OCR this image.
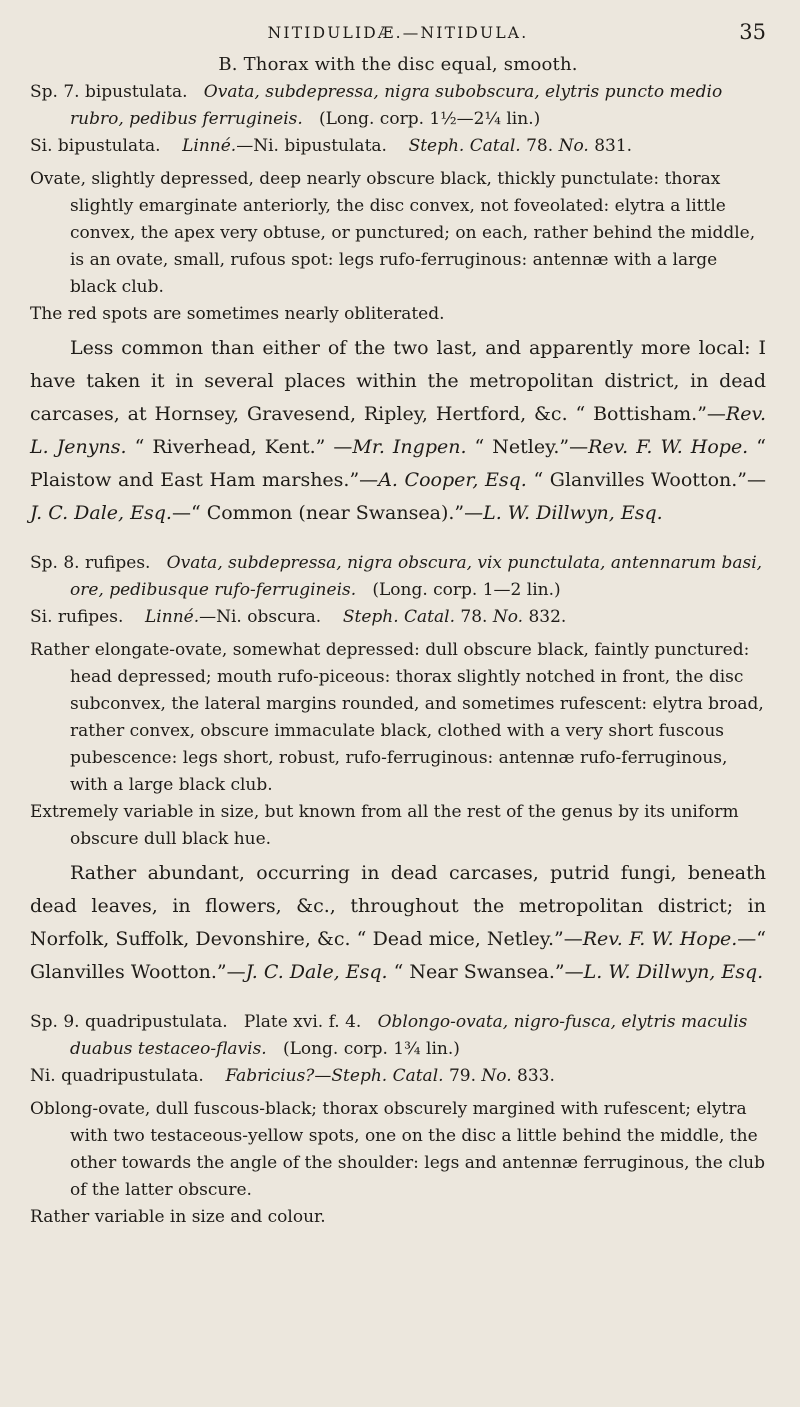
NITIDULIDÆ.—NITIDULA.	35
B. Thorax with the disc equal, smooth.

Sp. 7. bipustulata. Ovata, subdepressa, nigra subobscura, elytris puncto medio rubro, pedibus ferrugineis. (Long. corp. 1½—2¼ lin.)

Si. bipustulata. Linné.—Ni. bipustulata. Steph. Catal. 78. No. 831.

Ovate, slightly depressed, deep nearly obscure black, thickly punctulate: thorax slightly emarginate anteriorly, the disc convex, not foveolated: elytra a little convex, the apex very obtuse, or punctured; on each, rather behind the middle, is an ovate, small, rufous spot: legs rufo-ferruginous: antennæ with a large black club.

The red spots are sometimes nearly obliterated.

Less common than either of the two last, and apparently more local: I have taken it in several places within the metropolitan district, in dead carcases, at Hornsey, Gravesend, Ripley, Hertford, &c. “ Bottisham.”—Rev. L. Jenyns. “ Riverhead, Kent.” —Mr. Ingpen. “ Netley.”—Rev. F. W. Hope. “ Plaistow and East Ham marshes.”—A. Cooper, Esq. “ Glanvilles Wootton.”— J. C. Dale, Esq.—“ Common (near Swansea).”—L. W. Dillwyn, Esq.

Sp. 8. rufipes. Ovata, subdepressa, nigra obscura, vix punctulata, antennarum basi, ore, pedibusque rufo-ferrugineis. (Long. corp. 1—2 lin.)

Si. rufipes. Linné.—Ni. obscura. Steph. Catal. 78. No. 832.

Rather elongate-ovate, somewhat depressed: dull obscure black, faintly punctured: head depressed; mouth rufo-piceous: thorax slightly notched in front, the disc subconvex, the lateral margins rounded, and sometimes rufescent: elytra broad, rather convex, obscure immaculate black, clothed with a very short fuscous pubescence: legs short, robust, rufo-ferruginous: antennæ rufo-ferruginous, with a large black club.

Extremely variable in size, but known from all the rest of the genus by its uniform obscure dull black hue.

Rather abundant, occurring in dead carcases, putrid fungi, beneath dead leaves, in flowers, &c., throughout the metropolitan district; in Norfolk, Suffolk, Devonshire, &c. “ Dead mice, Netley.”—Rev. F. W. Hope.—“ Glanvilles Wootton.”—J. C. Dale, Esq. “ Near Swansea.”—L. W. Dillwyn, Esq.

Sp. 9. quadripustulata. Plate xvi. f. 4. Oblongo-ovata, nigro-fusca, elytris maculis duabus testaceo-flavis. (Long. corp. 1¾ lin.)

Ni. quadripustulata. Fabricius?—Steph. Catal. 79. No. 833.

Oblong-ovate, dull fuscous-black; thorax obscurely margined with rufescent; elytra with two testaceous-yellow spots, one on the disc a little behind the middle, the other towards the angle of the shoulder: legs and antennæ ferruginous, the club of the latter obscure.

Rather variable in size and colour.
